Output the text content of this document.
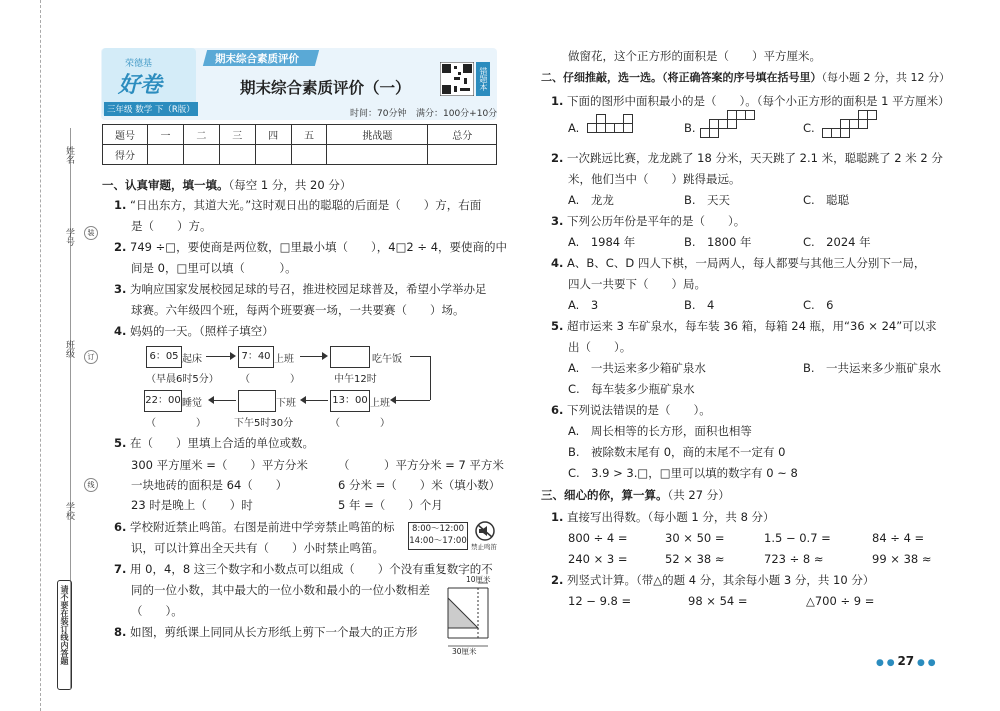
姓名
学号
班级
学校
请不要在装订线内答题
装
订
线
荣德基
好卷
三年级 数学 下（R版）
期末综合素质评价
期末综合素质评价（一）	错题本
时间：70分钟 满分：100分+10分
题号	一	二	三	四	五	挑战题	总分
得分							
一、认真审题，填一填。（每空 1 分，共 20 分）
1. “日出东方，其道大光。”这时观日出的聪聪的后面是（　　）方，右面
是（　　）方。
2. 749 ÷□，要使商是两位数，□里最小填（　　），4□2 ÷ 4，要使商的中
间是 0，□里可以填（　　　）。
3. 为响应国家发展校园足球的号召，推进校园足球普及，希望小学举办足
球赛。六年级四个班，每两个班要赛一场，一共要赛（　　）场。
4. 妈妈的一天。（照样子填空）
6：05 起床
（早晨6时5分）
7：40 上班
（　　　　）
吃午饭
中午12时
13：00 上班
（　　　　）
下班
下午5时30分
22：00 睡觉
（　　　　）
5. 在（　　）里填上合适的单位或数。
300 平方厘米 =（　　）平方分米	（　　　）平方分米 = 7 平方米
一块地砖的面积是 64（　　）	6 分米 =（　　）米（填小数）
23 时是晚上（　　）时	5 年 =（　　）个月
6. 学校附近禁止鸣笛。右图是前进中学旁禁止鸣笛的标
识，可以计算出全天共有（　　）小时禁止鸣笛。
8:00～12:00
14:00～17:00
禁止鸣笛
7. 用 0，4，8 这三个数字和小数点可以组成（　　）个没有重复数字的不
同的一位小数，其中最大的一位小数和最小的一位小数相差
（　　）。
8. 如图，剪纸课上同同从长方形纸上剪下一个最大的正方形
10厘米
30厘米
做窗花，这个正方形的面积是（　　）平方厘米。
二、仔细推敲，选一选。（将正确答案的序号填在括号里）（每小题 2 分，共 12 分）
1. 下面的图形中面积最小的是（　　）。（每个小正方形的面积是 1 平方厘米）
A.	B.	C.
2. 一次跳远比赛，龙龙跳了 18 分米，天天跳了 2.1 米，聪聪跳了 2 米 2 分
米，他们当中（　　）跳得最远。
A.　龙龙	B.　天天	C.　聪聪
3. 下列公历年份是平年的是（　　）。
A.　1984 年	B.　1800 年	C.　2024 年
4. A、B、C、D 四人下棋，一局两人，每人都要与其他三人分别下一局，
四人一共要下（　　）局。
A.　3	B.　4	C.　6
5. 超市运来 3 车矿泉水，每车装 36 箱，每箱 24 瓶，用“36 × 24”可以求
出（　　）。
A.　一共运来多少箱矿泉水	B.　一共运来多少瓶矿泉水
C.　每车装多少瓶矿泉水
6. 下列说法错误的是（　　）。
A.　周长相等的长方形，面积也相等
B.　被除数末尾有 0，商的末尾不一定有 0
C.　3.9 > 3.□，□里可以填的数字有 0 ~ 8
三、细心的你，算一算。（共 27 分）
1. 直接写出得数。（每小题 1 分，共 8 分）
800 ÷ 4 =	30 × 50 =	1.5 − 0.7 =	84 ÷ 4 =
240 × 3 =	52 × 38 ≈	723 ÷ 8 ≈	99 × 38 ≈
2. 列竖式计算。（带△的题 4 分，其余每小题 3 分，共 10 分）
12 − 9.8 =	98 × 54 =	△700 ÷ 9 =
● ● 27 ● ●
